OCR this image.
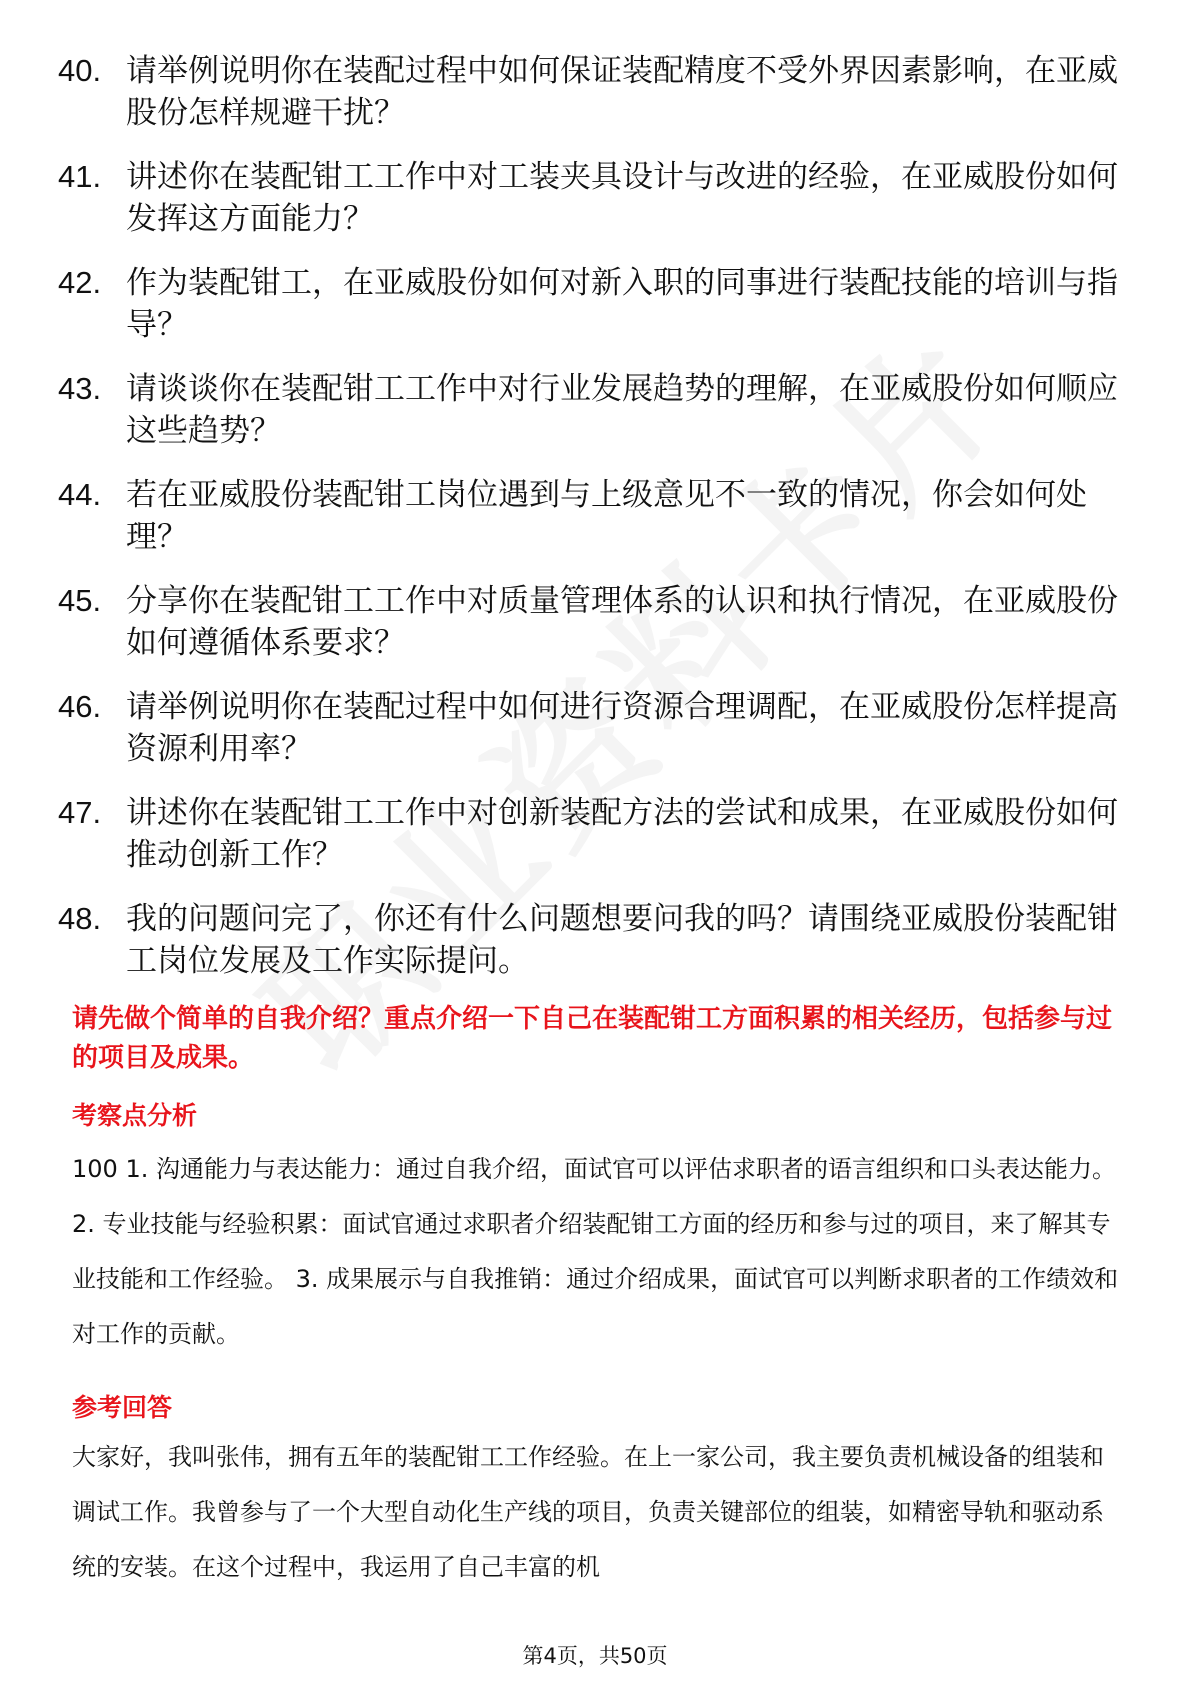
40. 请举例说明你在装配过程中如何保证装配精度不受外界因素影响，在亚威股份怎样规避干扰？
41. 讲述你在装配钳工工作中对工装夹具设计与改进的经验，在亚威股份如何发挥这方面能力？
42. 作为装配钳工，在亚威股份如何对新入职的同事进行装配技能的培训与指导？
43. 请谈谈你在装配钳工工作中对行业发展趋势的理解，在亚威股份如何顺应这些趋势？
44. 若在亚威股份装配钳工岗位遇到与上级意见不一致的情况，你会如何处理？
45. 分享你在装配钳工工作中对质量管理体系的认识和执行情况，在亚威股份如何遵循体系要求？
46. 请举例说明你在装配过程中如何进行资源合理调配，在亚威股份怎样提高资源利用率？
47. 讲述你在装配钳工工作中对创新装配方法的尝试和成果，在亚威股份如何推动创新工作？
48. 我的问题问完了，你还有什么问题想要问我的吗？请围绕亚威股份装配钳工岗位发展及工作实际提问。
请先做个简单的自我介绍？重点介绍一下自己在装配钳工方面积累的相关经历，包括参与过的项目及成果。
考察点分析
100 1. 沟通能力与表达能力：通过自我介绍，面试官可以评估求职者的语言组织和口头表达能力。 2. 专业技能与经验积累：面试官通过求职者介绍装配钳工方面的经历和参与过的项目，来了解其专业技能和工作经验。 3. 成果展示与自我推销：通过介绍成果，面试官可以判断求职者的工作绩效和对工作的贡献。
参考回答
大家好，我叫张伟，拥有五年的装配钳工工作经验。在上一家公司，我主要负责机械设备的组装和调试工作。我曾参与了一个大型自动化生产线的项目，负责关键部位的组装，如精密导轨和驱动系统的安装。在这个过程中，我运用了自己丰富的机
第4页，共50页
